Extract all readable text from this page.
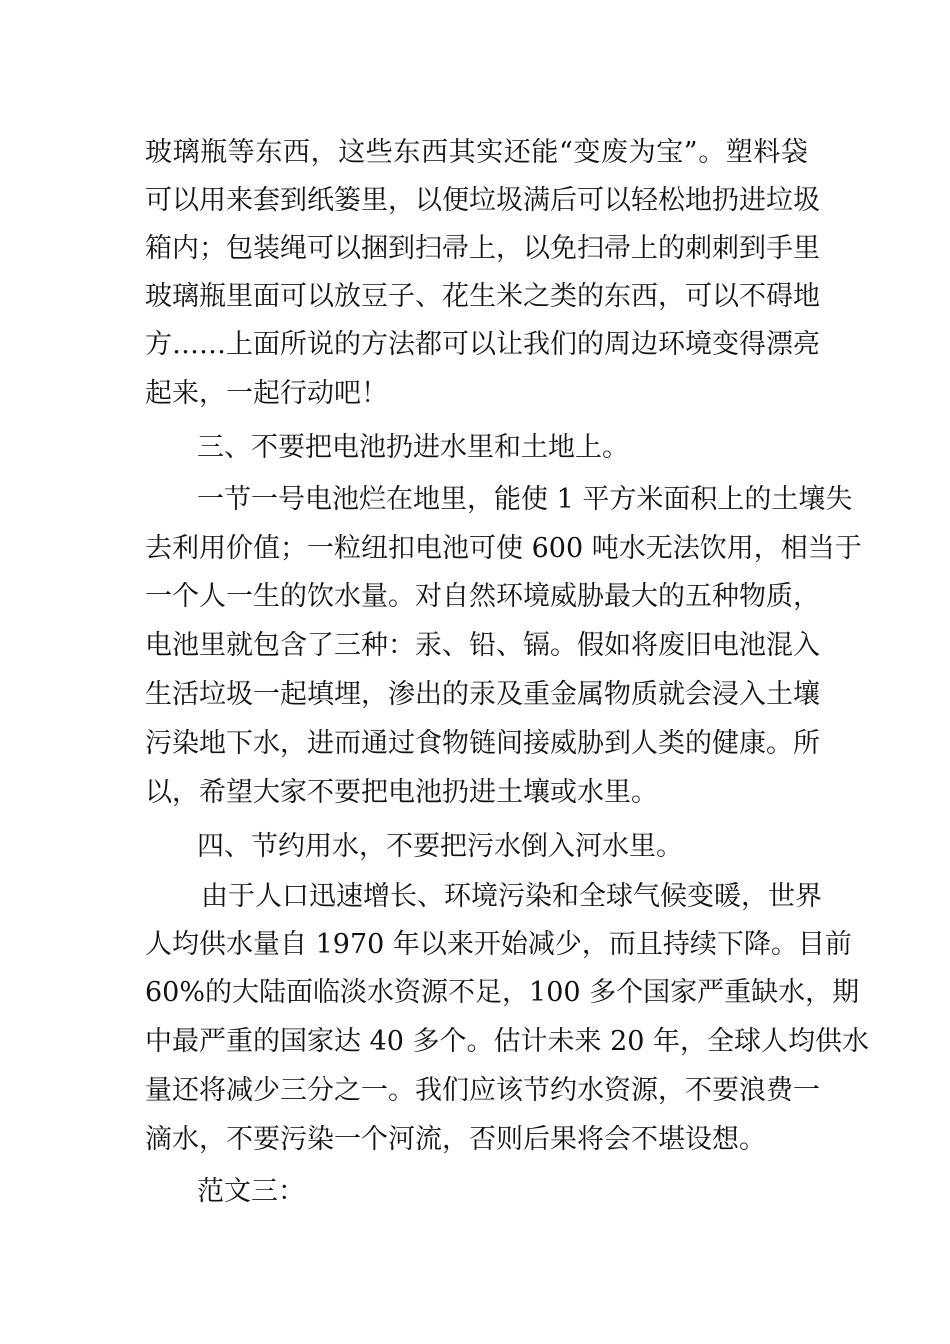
玻璃瓶等东西，这些东西其实还能“变废为宝”。塑料袋
可以用来套到纸篓里，以便垃圾满后可以轻松地扔进垃圾
箱内；包装绳可以捆到扫帚上，以免扫帚上的刺刺到手里
玻璃瓶里面可以放豆子、花生米之类的东西，可以不碍地
方……上面所说的方法都可以让我们的周边环境变得漂亮
起来，一起行动吧！
三、不要把电池扔进水里和土地上。
一节一号电池烂在地里，能使 1 平方米面积上的土壤失
去利用价值；一粒纽扣电池可使 600 吨水无法饮用，相当于
一个人一生的饮水量。对自然环境威胁最大的五种物质，
电池里就包含了三种：汞、铅、镉。假如将废旧电池混入
生活垃圾一起填埋，渗出的汞及重金属物质就会浸入土壤
污染地下水，进而通过食物链间接威胁到人类的健康。所
以，希望大家不要把电池扔进土壤或水里。
四、节约用水，不要把污水倒入河水里。
由于人口迅速增长、环境污染和全球气候变暖，世界
人均供水量自 1970 年以来开始减少，而且持续下降。目前
60%的大陆面临淡水资源不足，100 多个国家严重缺水，期
中最严重的国家达 40 多个。估计未来 20 年，全球人均供水
量还将减少三分之一。我们应该节约水资源，不要浪费一
滴水，不要污染一个河流，否则后果将会不堪设想。
范文三：
